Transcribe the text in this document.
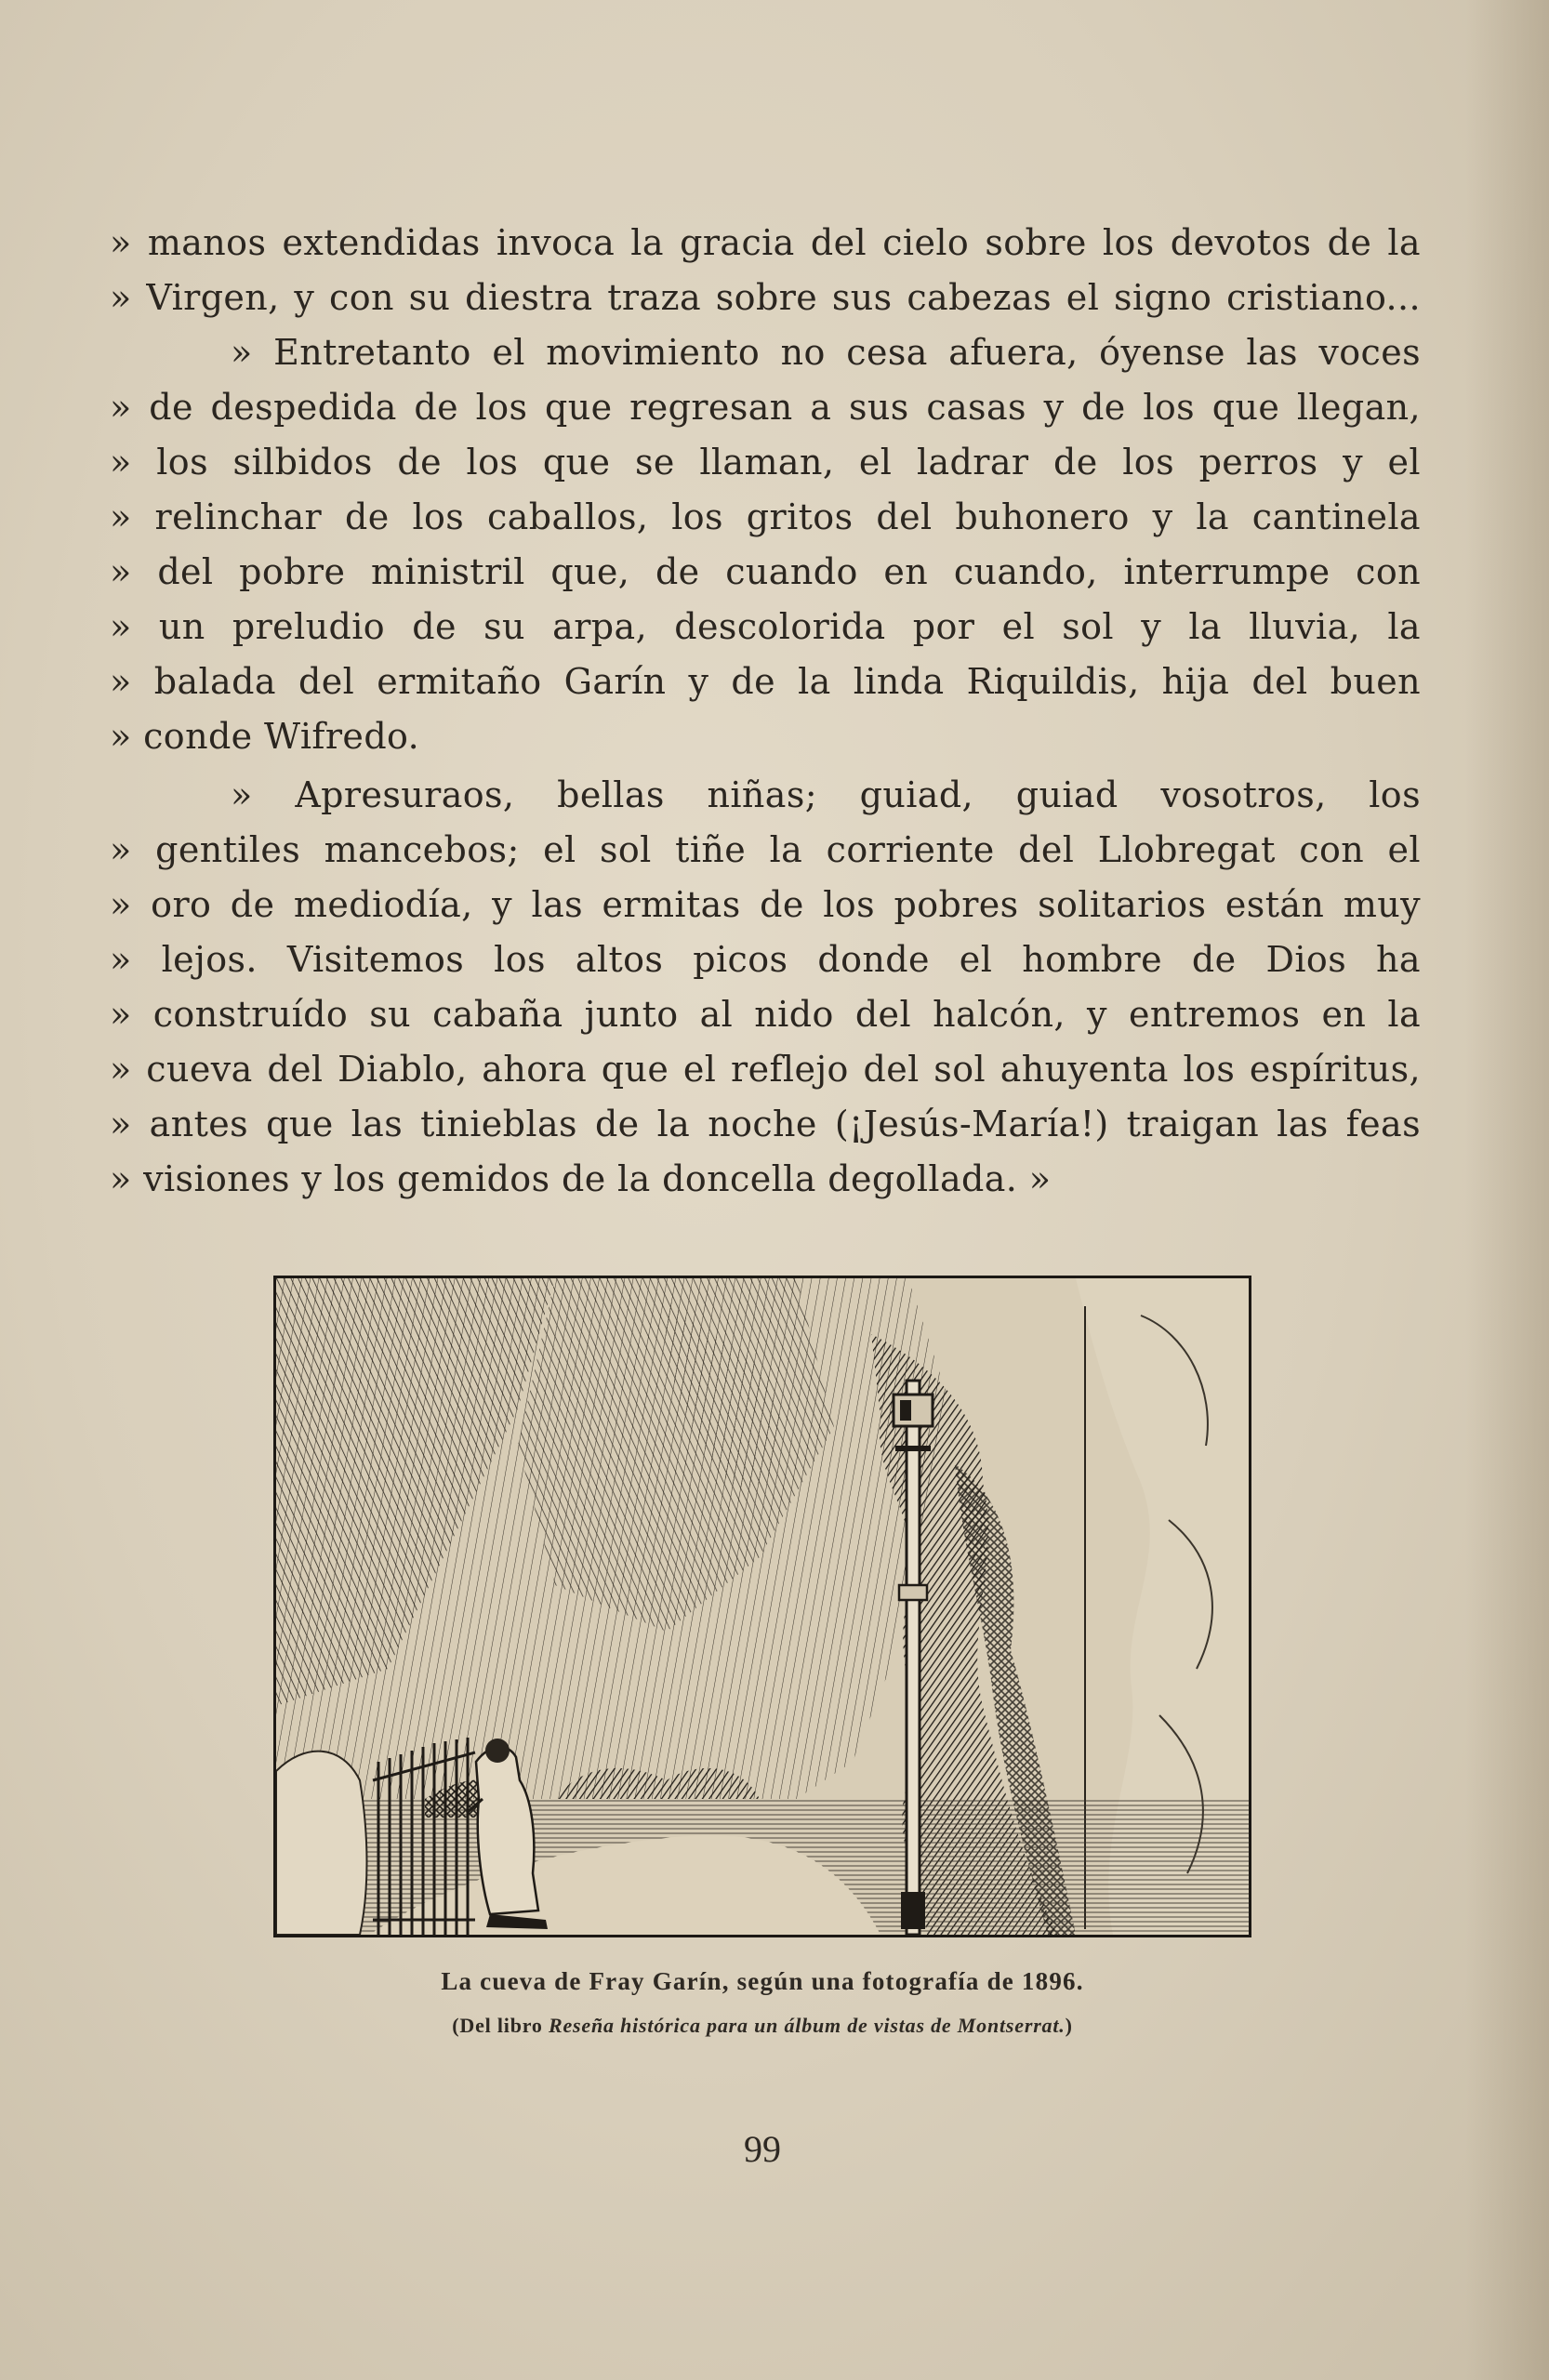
» manos extendidas invoca la gracia del cielo sobre los devotos de la
» Virgen, y con su diestra traza sobre sus cabezas el signo cristiano...
» Entretanto el movimiento no cesa afuera, óyense las voces
» de despedida de los que regresan a sus casas y de los que llegan,
» los silbidos de los que se llaman, el ladrar de los perros y el
» relinchar de los caballos, los gritos del buhonero y la cantinela
» del pobre ministril que, de cuando en cuando, interrumpe con
» un preludio de su arpa, descolorida por el sol y la lluvia, la
» balada del ermitaño Garín y de la linda Riquildis, hija del buen
» conde Wifredo.
» Apresuraos, bellas niñas; guiad, guiad vosotros, los
» gentiles mancebos; el sol tiñe la corriente del Llobregat con el
» oro de mediodía, y las ermitas de los pobres solitarios están muy
» lejos. Visitemos los altos picos donde el hombre de Dios ha
» construído su cabaña junto al nido del halcón, y entremos en la
» cueva del Diablo, ahora que el reflejo del sol ahuyenta los espíritus,
» antes que las tinieblas de la noche (¡Jesús-María!) traigan las feas
» visiones y los gemidos de la doncella degollada. »
La cueva de Fray Garín, según una fotografía de 1896.
(Del libro Reseña histórica para un álbum de vistas de Montserrat.)
99
